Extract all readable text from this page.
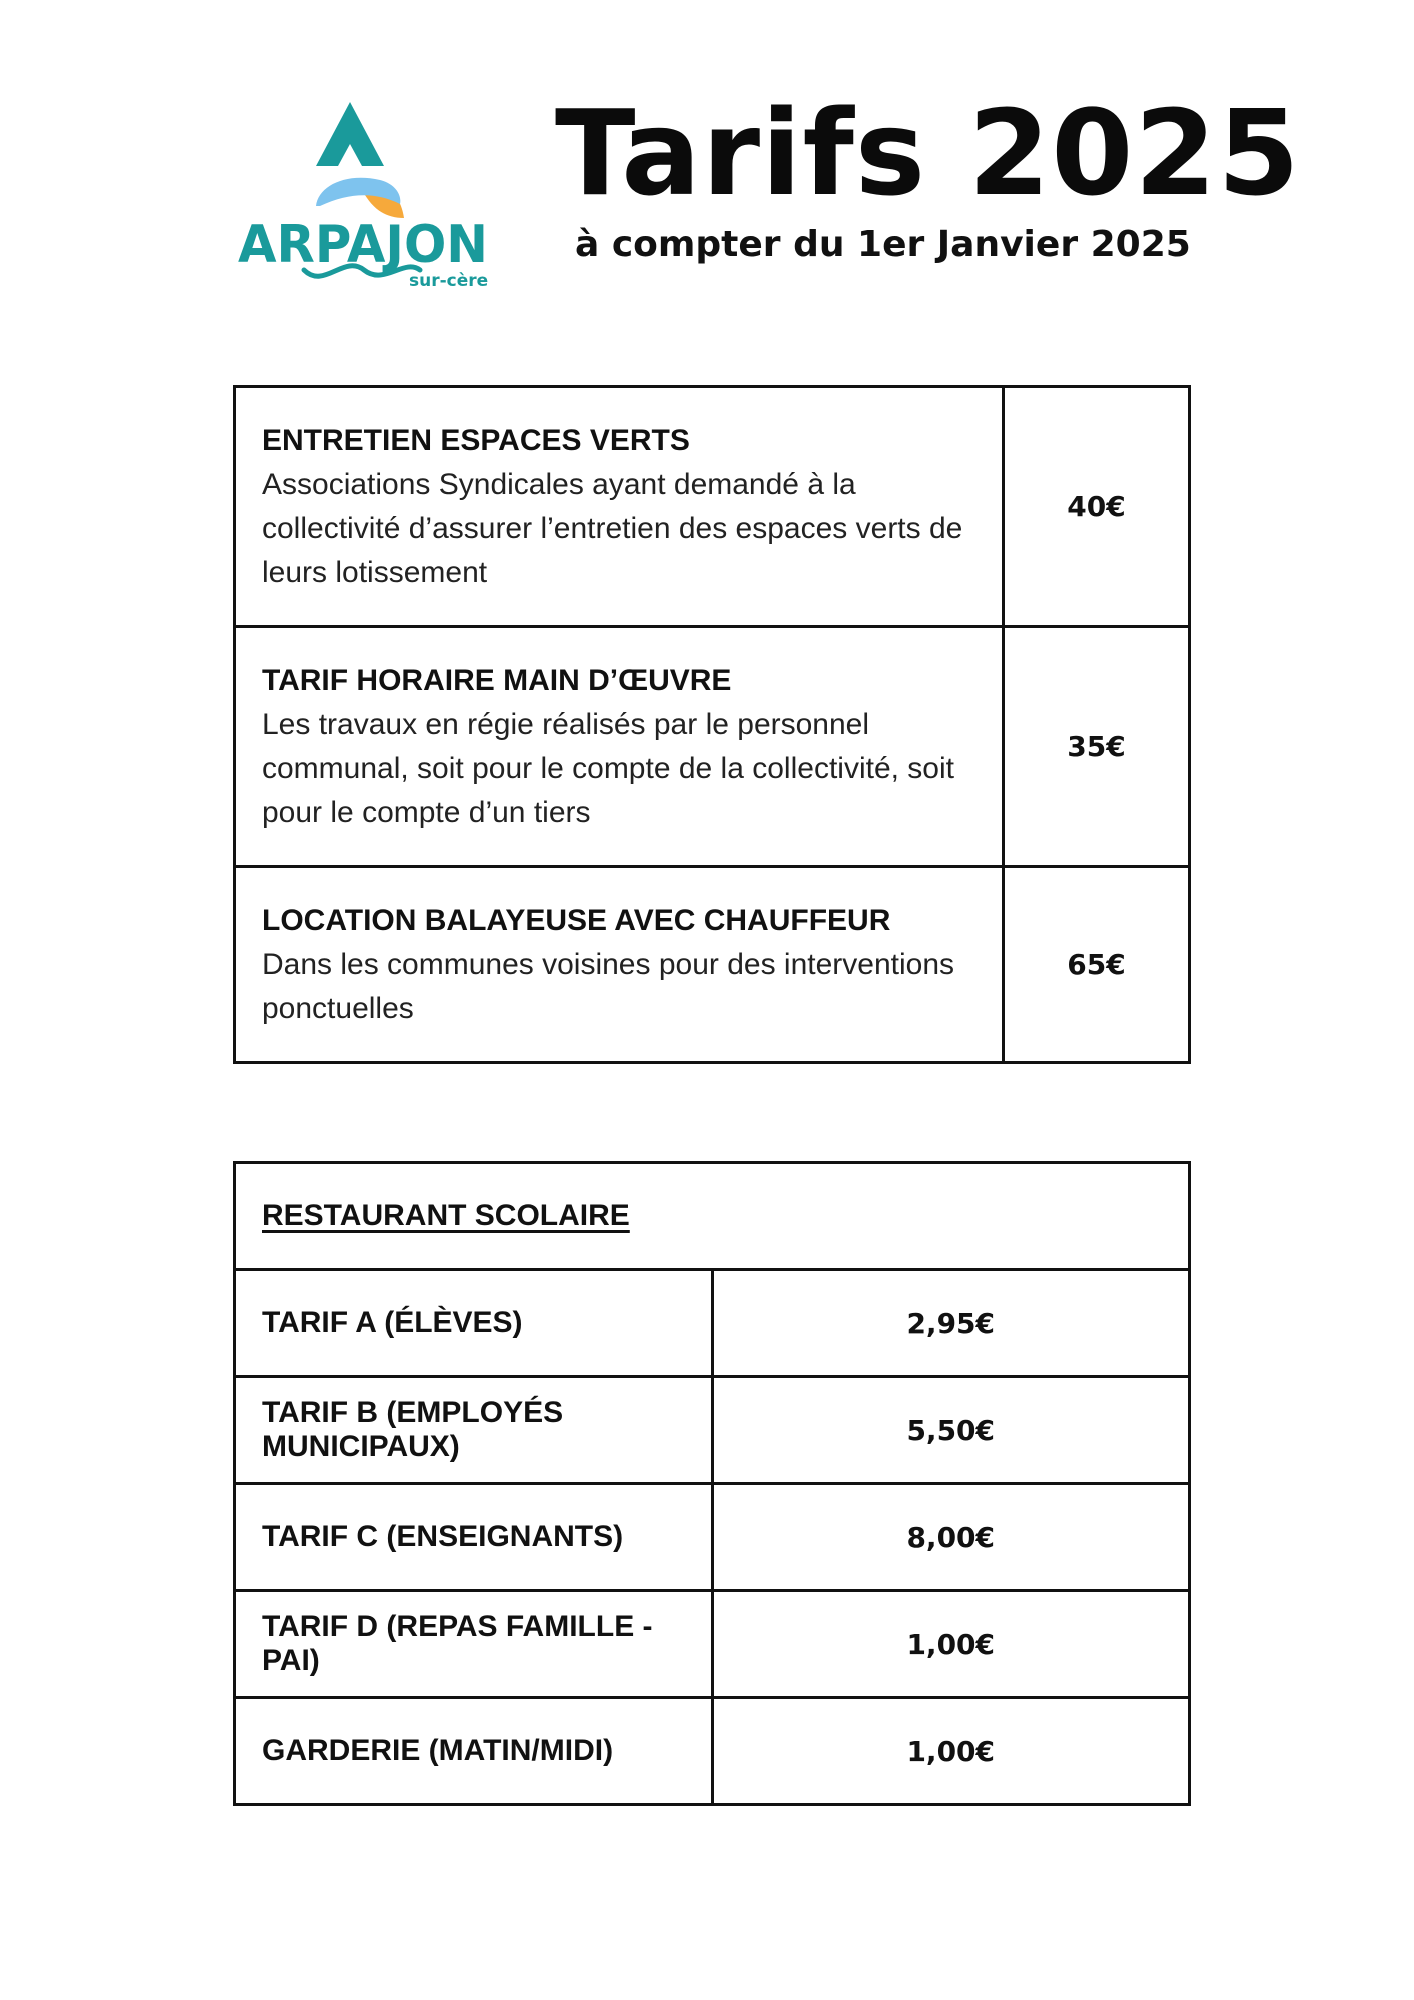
ARPAJON
sur-cère
Tarifs 2025
à compter du 1er Janvier 2025
ENTRETIEN ESPACES VERTS
Associations Syndicales ayant demandé à la collectivité d’assurer l’entretien des espaces verts de leurs lotissement	40€

TARIF HORAIRE MAIN D’ŒUVRE
Les travaux en régie réalisés par le personnel communal, soit pour le compte de la collectivité, soit pour le compte d’un tiers	35€

LOCATION BALAYEUSE AVEC CHAUFFEUR
Dans les communes voisines pour des interventions ponctuelles	65€
RESTAURANT SCOLAIRE	
TARIF A (ÉLÈVES)	2,95€
TARIF B (EMPLOYÉS MUNICIPAUX)	5,50€
TARIF C (ENSEIGNANTS)	8,00€
TARIF D (REPAS FAMILLE - PAI)	1,00€
GARDERIE (MATIN/MIDI)	1,00€
